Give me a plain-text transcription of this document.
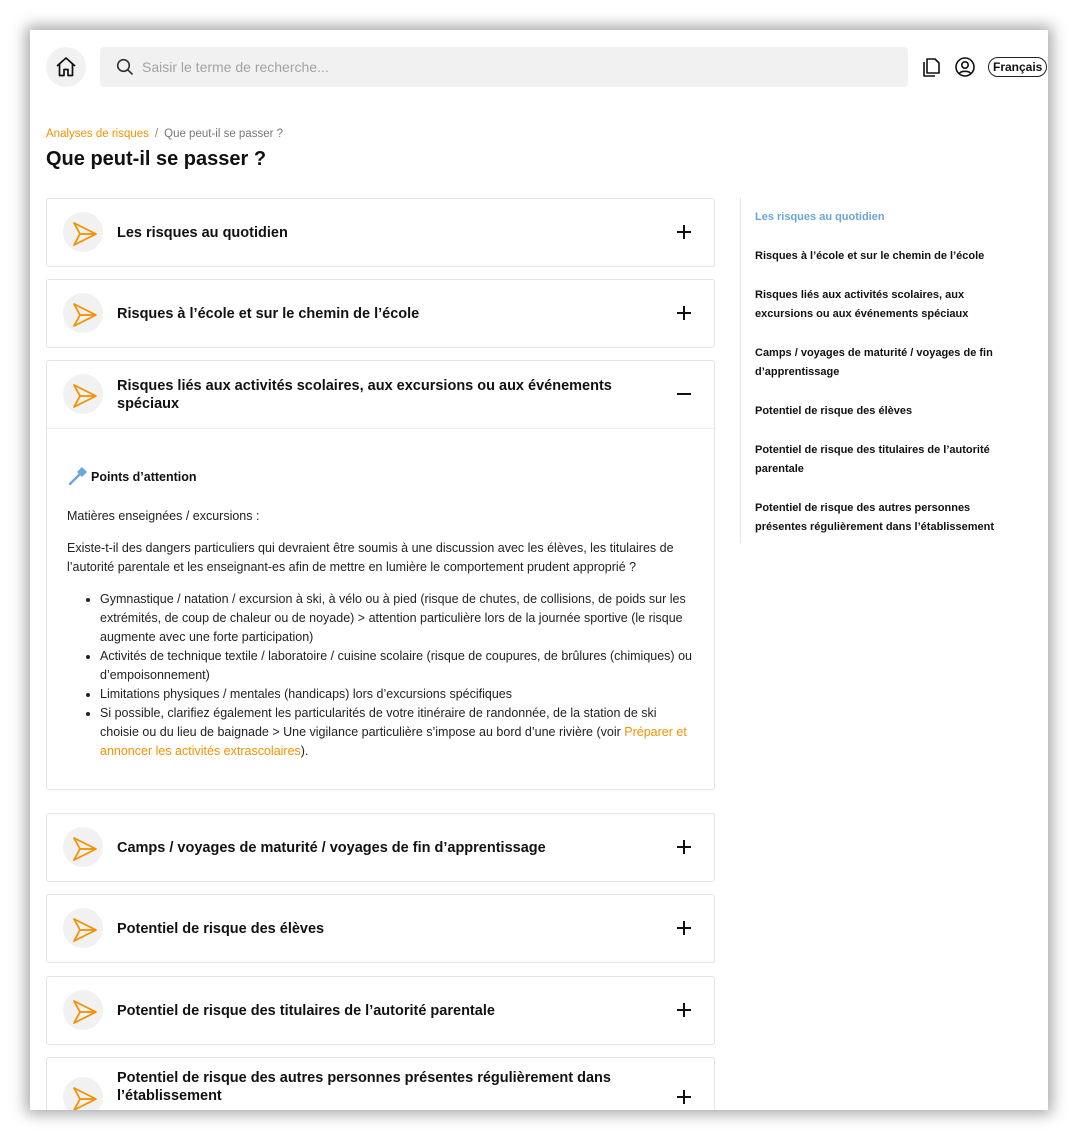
Saisir le terme de recherche...
Français
Analyses de risques / Que peut-il se passer ?
Que peut-il se passer ?
Les risques au quotidien
Risques à l’école et sur le chemin de l’école
Risques liés aux activités scolaires, aux excursions ou aux événements spéciaux
Points d’attention

Matières enseignées / excursions :

Existe-t-il des dangers particuliers qui devraient être soumis à une discussion avec les élèves, les titulaires de l’autorité parentale et les enseignant-es afin de mettre en lumière le comportement prudent approprié ?

• Gymnastique / natation / excursion à ski, à vélo ou à pied (risque de chutes, de collisions, de poids sur les extrémités, de coup de chaleur ou de noyade) > attention particulière lors de la journée sportive (le risque augmente avec une forte participation)
• Activités de technique textile / laboratoire / cuisine scolaire (risque de coupures, de brûlures (chimiques) ou d’empoisonnement)
• Limitations physiques / mentales (handicaps) lors d’excursions spécifiques
• Si possible, clarifiez également les particularités de votre itinéraire de randonnée, de la station de ski choisie ou du lieu de baignade > Une vigilance particulière s’impose au bord d’une rivière (voir Préparer et annoncer les activités extrascolaires).
Camps / voyages de maturité / voyages de fin d’apprentissage
Potentiel de risque des élèves
Potentiel de risque des titulaires de l’autorité parentale
Potentiel de risque des autres personnes présentes régulièrement dans l’établissement
Les risques au quotidien
Risques à l’école et sur le chemin de l’école
Risques liés aux activités scolaires, aux excursions ou aux événements spéciaux
Camps / voyages de maturité / voyages de fin d’apprentissage
Potentiel de risque des élèves
Potentiel de risque des titulaires de l’autorité parentale
Potentiel de risque des autres personnes présentes régulièrement dans l’établissement
